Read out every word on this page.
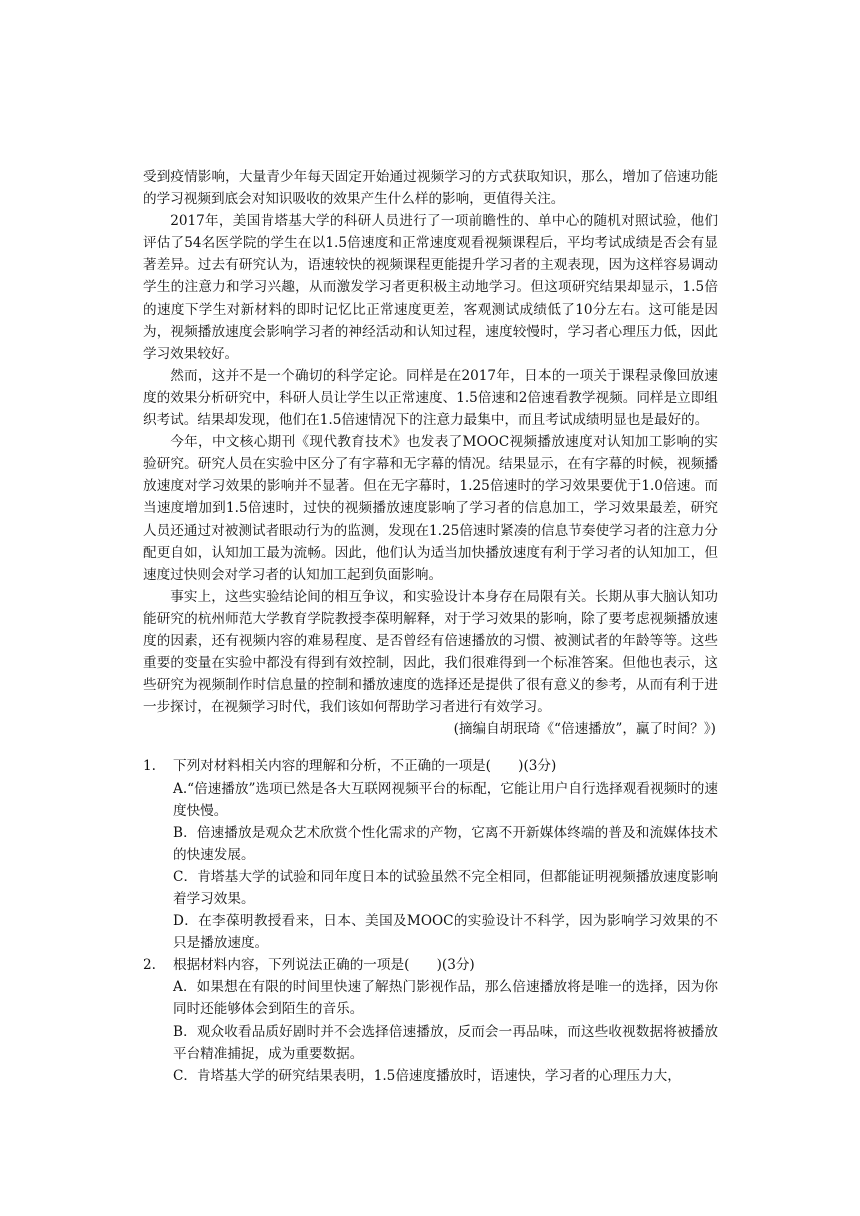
受到疫情影响，大量青少年每天固定开始通过视频学习的方式获取知识，那么，增加了倍速功能的学习视频到底会对知识吸收的效果产生什么样的影响，更值得关注。

2017年，美国肯塔基大学的科研人员进行了一项前瞻性的、单中心的随机对照试验，他们评估了54名医学院的学生在以1.5倍速度和正常速度观看视频课程后，平均考试成绩是否会有显著差异。过去有研究认为，语速较快的视频课程更能提升学习者的主观表现，因为这样容易调动学生的注意力和学习兴趣，从而激发学习者更积极主动地学习。但这项研究结果却显示，1.5倍的速度下学生对新材料的即时记忆比正常速度更差，客观测试成绩低了10分左右。这可能是因为，视频播放速度会影响学习者的神经活动和认知过程，速度较慢时，学习者心理压力低，因此学习效果较好。

然而，这并不是一个确切的科学定论。同样是在2017年，日本的一项关于课程录像回放速度的效果分析研究中，科研人员让学生以正常速度、1.5倍速和2倍速看教学视频。同样是立即组织考试。结果却发现，他们在1.5倍速情况下的注意力最集中，而且考试成绩明显也是最好的。

今年，中文核心期刊《现代教育技术》也发表了MOOC视频播放速度对认知加工影响的实验研究。研究人员在实验中区分了有字幕和无字幕的情况。结果显示，在有字幕的时候，视频播放速度对学习效果的影响并不显著。但在无字幕时，1.25倍速时的学习效果要优于1.0倍速。而当速度增加到1.5倍速时，过快的视频播放速度影响了学习者的信息加工，学习效果最差，研究人员还通过对被测试者眼动行为的监测，发现在1.25倍速时紧凑的信息节奏使学习者的注意力分配更自如，认知加工最为流畅。因此，他们认为适当加快播放速度有利于学习者的认知加工，但速度过快则会对学习者的认知加工起到负面影响。

事实上，这些实验结论间的相互争议，和实验设计本身存在局限有关。长期从事大脑认知功能研究的杭州师范大学教育学院教授李葆明解释，对于学习效果的影响，除了要考虑视频播放速度的因素，还有视频内容的难易程度、是否曾经有倍速播放的习惯、被测试者的年龄等等。这些重要的变量在实验中都没有得到有效控制，因此，我们很难得到一个标准答案。但他也表示，这些研究为视频制作时信息量的控制和播放速度的选择还是提供了很有意义的参考，从而有利于进一步探讨，在视频学习时代，我们该如何帮助学习者进行有效学习。

(摘编自胡珉琦《“倍速播放”，赢了时间？》)

1. 下列对材料相关内容的理解和分析，不正确的一项是(　　)(3分)

A.“倍速播放”选项已然是各大互联网视频平台的标配，它能让用户自行选择观看视频时的速度快慢。

B．倍速播放是观众艺术欣赏个性化需求的产物，它离不开新媒体终端的普及和流媒体技术的快速发展。

C．肯塔基大学的试验和同年度日本的试验虽然不完全相同，但都能证明视频播放速度影响着学习效果。

D．在李葆明教授看来，日本、美国及MOOC的实验设计不科学，因为影响学习效果的不只是播放速度。

2. 根据材料内容，下列说法正确的一项是(　　)(3分)

A．如果想在有限的时间里快速了解热门影视作品，那么倍速播放将是唯一的选择，因为你同时还能够体会到陌生的音乐。

B．观众收看品质好剧时并不会选择倍速播放，反而会一再品味，而这些收视数据将被播放平台精准捕捉，成为重要数据。

C．肯塔基大学的研究结果表明，1.5倍速度播放时，语速快，学习者的心理压力大，
